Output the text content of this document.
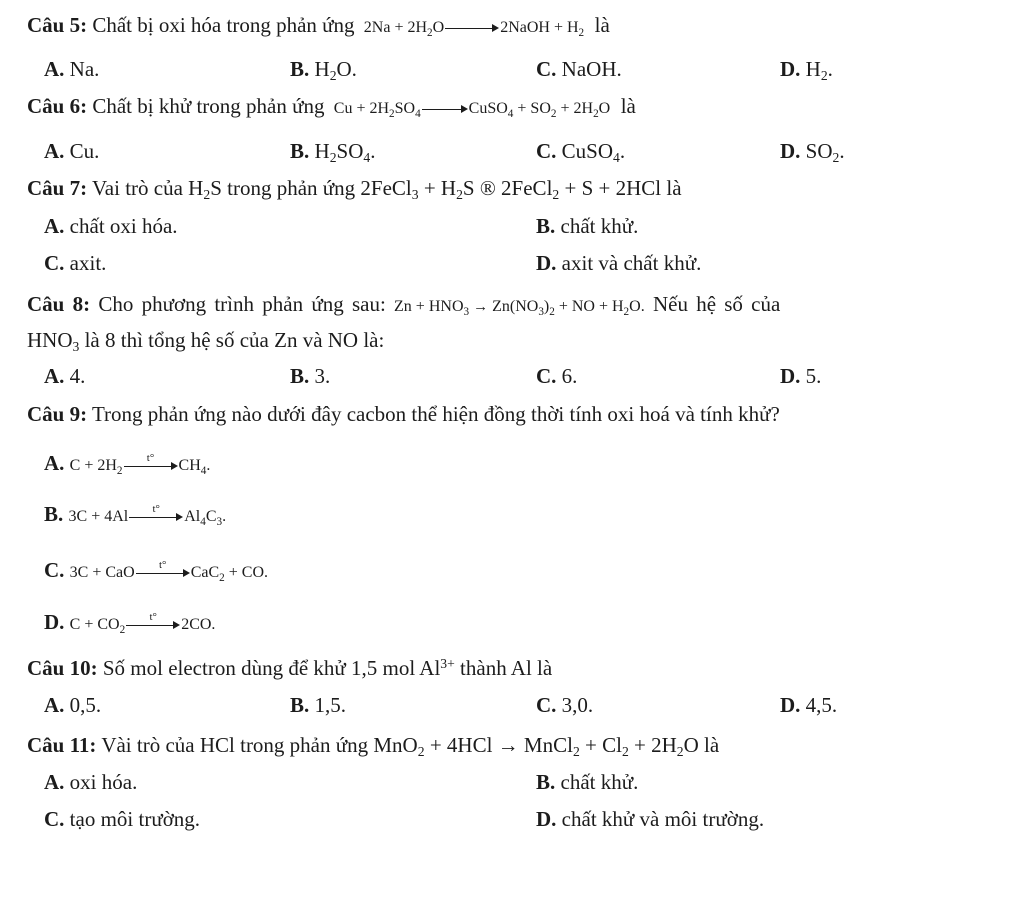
Câu 5: Chất bị oxi hóa trong phản ứng $2Na + 2H_2O$	2NaOH + $H_2$ là
A. Na.	B. $H_2O$.	C. NaOH.	D. $H_2$.
Câu 6: Chất bị khử trong phản ứng $Cu + 2H_2SO_4$	CuSO$_4$ + $SO_2 + 2H_2O$ là
A. Cu.	B. $H_2SO_4$.	C. CuSO$_4$.	D. $SO_2$.
Câu 7: Vai trò của $H_2S$ trong phản ứng 2FeCl$_3$ + $H_2S$ ® 2FeCl$_2$ + S + 2HCl là
A. chất oxi hóa.	B. chất khử.
C. axit.	D. axit và chất khử.
Câu 8: Cho phương trình phản ứng sau: $Zn + HNO_3 \to Zn(NO_3)_2$ + NO + $H_2O$. Nếu hệ số của
$HNO_3$ là 8 thì tổng hệ số của Zn và NO là:
A. 4.	B. 3.	C. 6.	D. 5.
Câu 9: Trong phản ứng nào dưới đây cacbon thể hiện đồng thời tính oxi hoá và tính khử?
A. $C + 2H_2$
t° $CH_4$.
B. 3C + 4Al t° $Al_4C_3$.
C. 3C + CaO t° CaC$_2$ + CO.
D. $C + CO_2$
t° 2CO.
Câu 10: Số mol electron dùng để khử 1,5 mol $Al^{3+}$ thành Al là
A. 0,5.	B. 1,5.	C. 3,0.	D. 4,5.
Câu 11: Vài trò của HCl trong phản ứng MnO$_2$ + 4HCl → MnCl$_2$ + $Cl_2 + 2H_2O$ là
A. oxi hóa.	B. chất khử.
C. tạo môi trường.	D. chất khử và môi trường.
